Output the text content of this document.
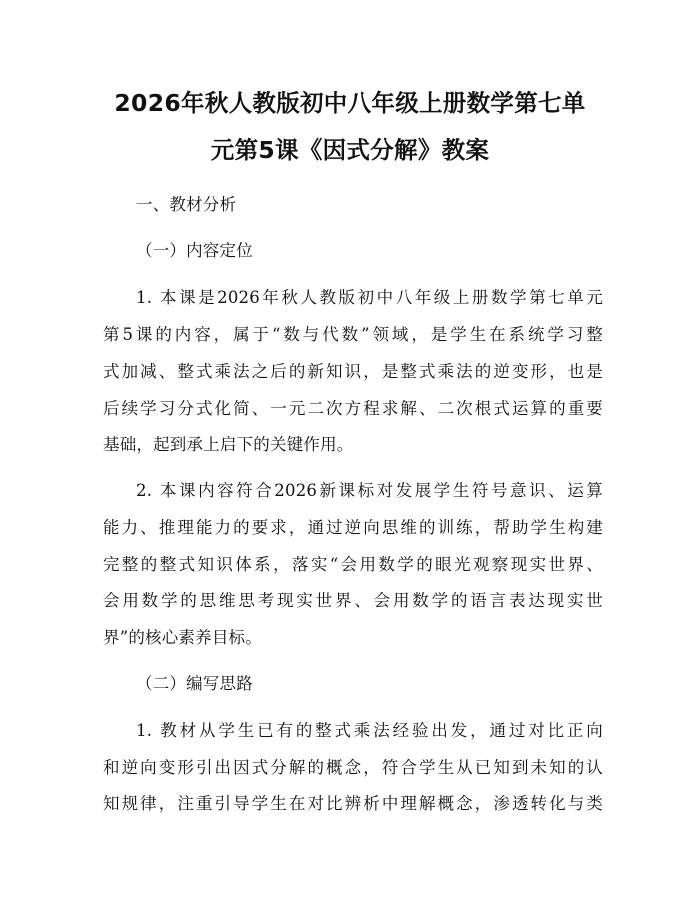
2026年秋人教版初中八年级上册数学第七单
元第5课《因式分解》教案
一、教材分析
（一）内容定位
1. 本课是2026年秋人教版初中八年级上册数学第七单元
第5课的内容，属于“数与代数”领域，是学生在系统学习整
式加减、整式乘法之后的新知识，是整式乘法的逆变形，也是
后续学习分式化简、一元二次方程求解、二次根式运算的重要
基础，起到承上启下的关键作用。
2. 本课内容符合2026新课标对发展学生符号意识、运算
能力、推理能力的要求，通过逆向思维的训练，帮助学生构建
完整的整式知识体系，落实“会用数学的眼光观察现实世界、
会用数学的思维思考现实世界、会用数学的语言表达现实世
界”的核心素养目标。
（二）编写思路
1. 教材从学生已有的整式乘法经验出发，通过对比正向
和逆向变形引出因式分解的概念，符合学生从已知到未知的认
知规律，注重引导学生在对比辨析中理解概念，渗透转化与类
